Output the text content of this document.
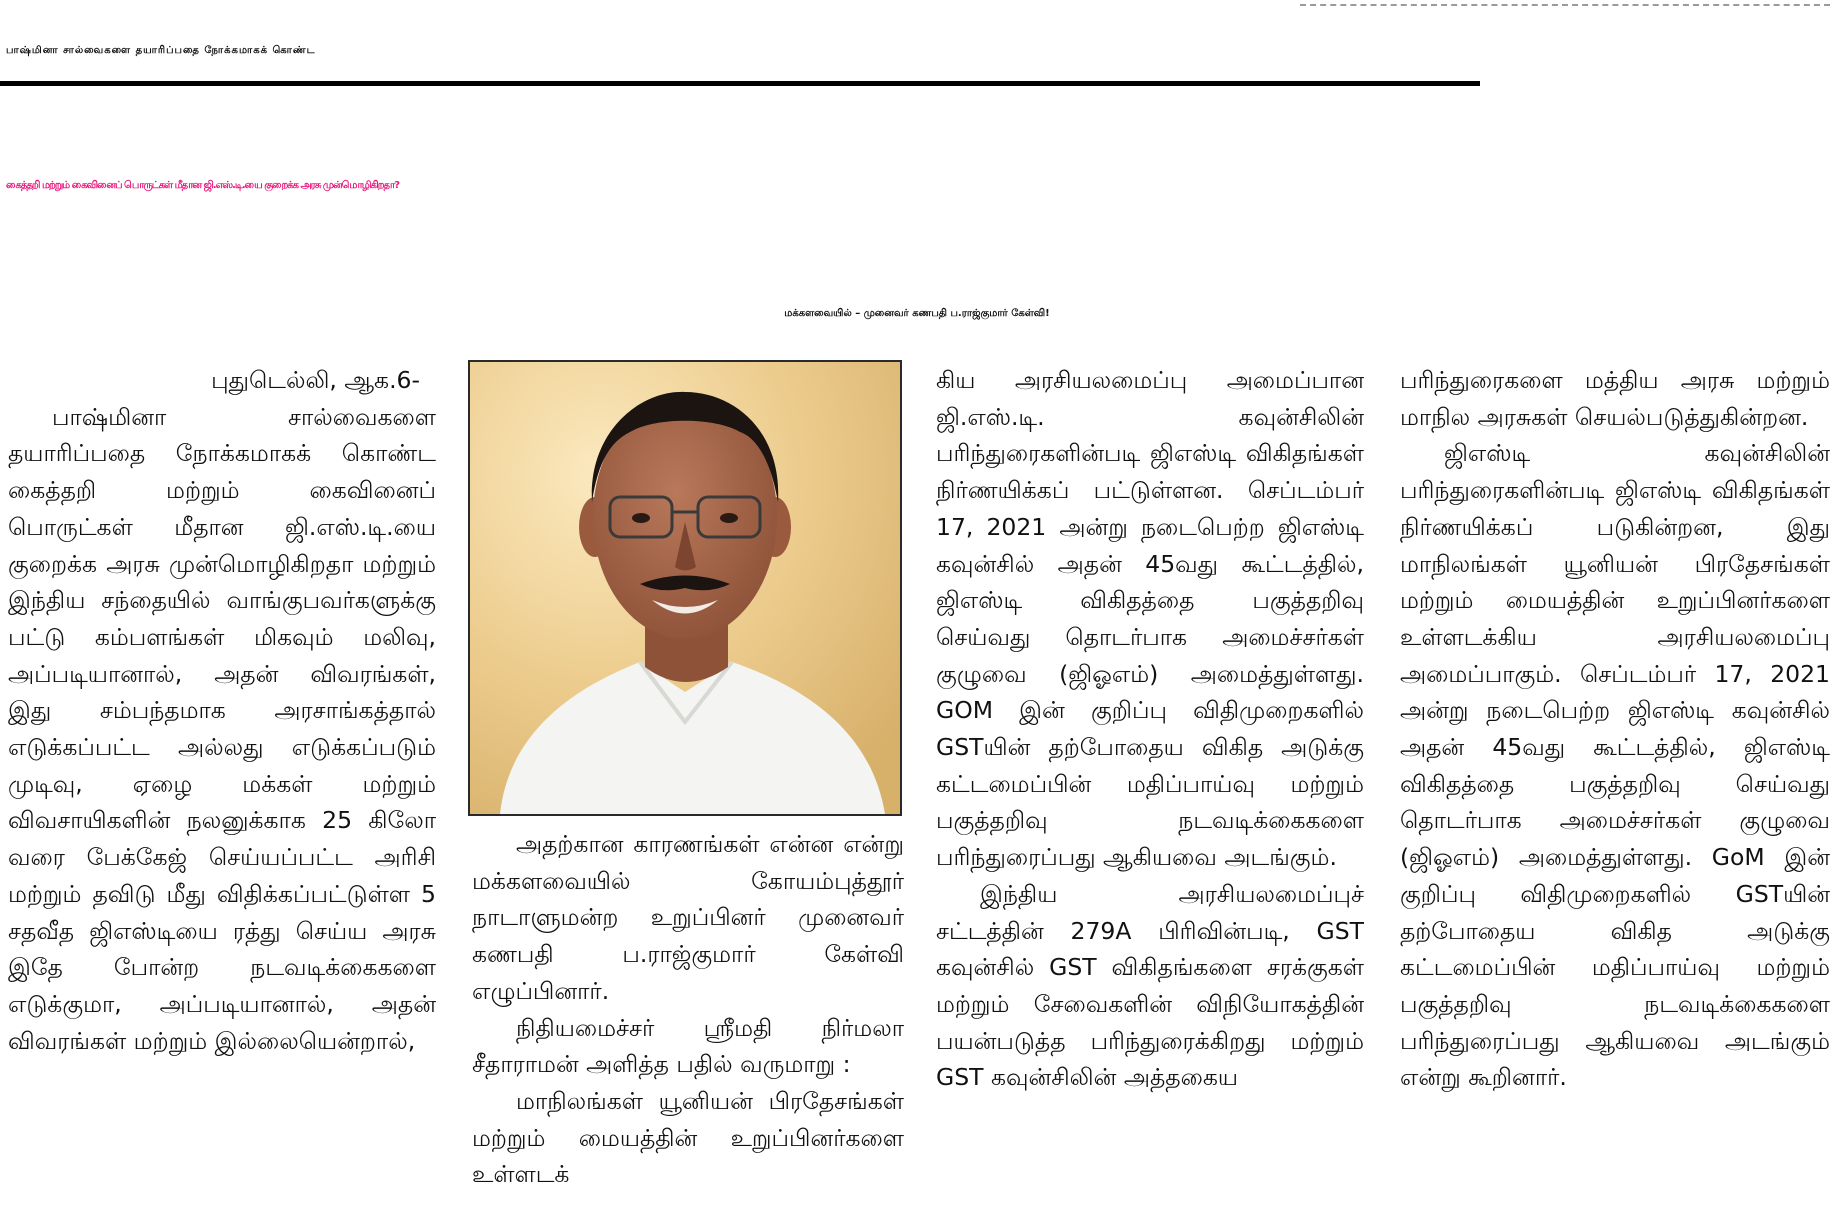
பாஷ்மினா சால்வைகளை தயாரிப்பதை நோக்கமாகக் கொண்ட
கைத்தறி மற்றும் கைவினைப் பொருட்கள் மீதான ஜி.எஸ்.டி.யை குறைக்க அரசு முன்மொழிகிறதா?
மக்களவையில் – முனைவர் கணபதி ப.ராஜ்குமார் கேள்வி!

புதுடெல்லி, ஆக.6-

பாஷ்மினா சால்வைகளை தயாரிப்பதை நோக்கமாகக் கொண்ட கைத்தறி மற்றும் கைவினைப் பொருட்கள் மீதான ஜி.எஸ்.டி.யை குறைக்க அரசு முன்மொழிகிறதா மற்றும் இந்திய சந்தையில் வாங்குபவர்களுக்கு பட்டு கம்பளங்கள் மிகவும் மலிவு, அப்படியானால், அதன் விவரங்கள், இது சம்பந்தமாக அரசாங்கத்தால் எடுக்கப்பட்ட அல்லது எடுக்கப்படும் முடிவு, ஏழை மக்கள் மற்றும் விவசாயிகளின் நலனுக்காக 25 கிலோ வரை பேக்கேஜ் செய்யப்பட்ட அரிசி மற்றும் தவிடு மீது விதிக்கப்பட்டுள்ள 5 சதவீத ஜிஎஸ்டியை ரத்து செய்ய அரசு இதே போன்ற நடவடிக்கைகளை எடுக்குமா, அப்படியானால், அதன் விவரங்கள் மற்றும் இல்லையென்றால்,

அதற்கான காரணங்கள் என்ன என்று மக்களவையில் கோயம்புத்தூர் நாடாளுமன்ற உறுப்பினர் முனைவர் கணபதி ப.ராஜ்குமார் கேள்வி எழுப்பினார்.

நிதியமைச்சர் ஸ்ரீமதி நிர்மலா சீதாராமன் அளித்த பதில் வருமாறு :

மாநிலங்கள் யூனியன் பிரதேசங்கள் மற்றும் மையத்தின் உறுப்பினர்களை உள்ளடக்

கிய அரசியலமைப்பு அமைப்பான ஜி.எஸ்.டி. கவுன்சிலின் பரிந்துரைகளின்படி ஜிஎஸ்டி விகிதங்கள் நிர்ணயிக்கப் பட்டுள்ளன. செப்டம்பர் 17, 2021 அன்று நடைபெற்ற ஜிஎஸ்டி கவுன்சில் அதன் 45வது கூட்டத்தில், ஜிஎஸ்டி விகிதத்தை பகுத்தறிவு செய்வது தொடர்பாக அமைச்சர்கள் குழுவை (ஜிஓஎம்) அமைத்துள்ளது. GOM இன் குறிப்பு விதிமுறைகளில் GSTயின் தற்போதைய விகித அடுக்கு கட்டமைப்பின் மதிப்பாய்வு மற்றும் பகுத்தறிவு நடவடிக்கைகளை பரிந்துரைப்பது ஆகியவை அடங்கும்.

இந்திய அரசியலமைப்புச் சட்டத்தின் 279A பிரிவின்படி, GST கவுன்சில் GST விகிதங்களை சரக்குகள் மற்றும் சேவைகளின் விநியோகத்தின் பயன்படுத்த பரிந்துரைக்கிறது மற்றும் GST கவுன்சிலின் அத்தகைய

பரிந்துரைகளை மத்திய அரசு மற்றும் மாநில அரசுகள் செயல்படுத்துகின்றன.

ஜிஎஸ்டி கவுன்சிலின் பரிந்துரைகளின்படி ஜிஎஸ்டி விகிதங்கள் நிர்ணயிக்கப் படுகின்றன, இது மாநிலங்கள் யூனியன் பிரதேசங்கள் மற்றும் மையத்தின் உறுப்பினர்களை உள்ளடக்கிய அரசியலமைப்பு அமைப்பாகும். செப்டம்பர் 17, 2021 அன்று நடைபெற்ற ஜிஎஸ்டி கவுன்சில் அதன் 45வது கூட்டத்தில், ஜிஎஸ்டி விகிதத்தை பகுத்தறிவு செய்வது தொடர்பாக அமைச்சர்கள் குழுவை (ஜிஓஎம்) அமைத்துள்ளது. GoM இன் குறிப்பு விதிமுறைகளில் GSTயின் தற்போதைய விகித அடுக்கு கட்டமைப்பின் மதிப்பாய்வு மற்றும் பகுத்தறிவு நடவடிக்கைகளை பரிந்துரைப்பது ஆகியவை அடங்கும் என்று கூறினார்.
